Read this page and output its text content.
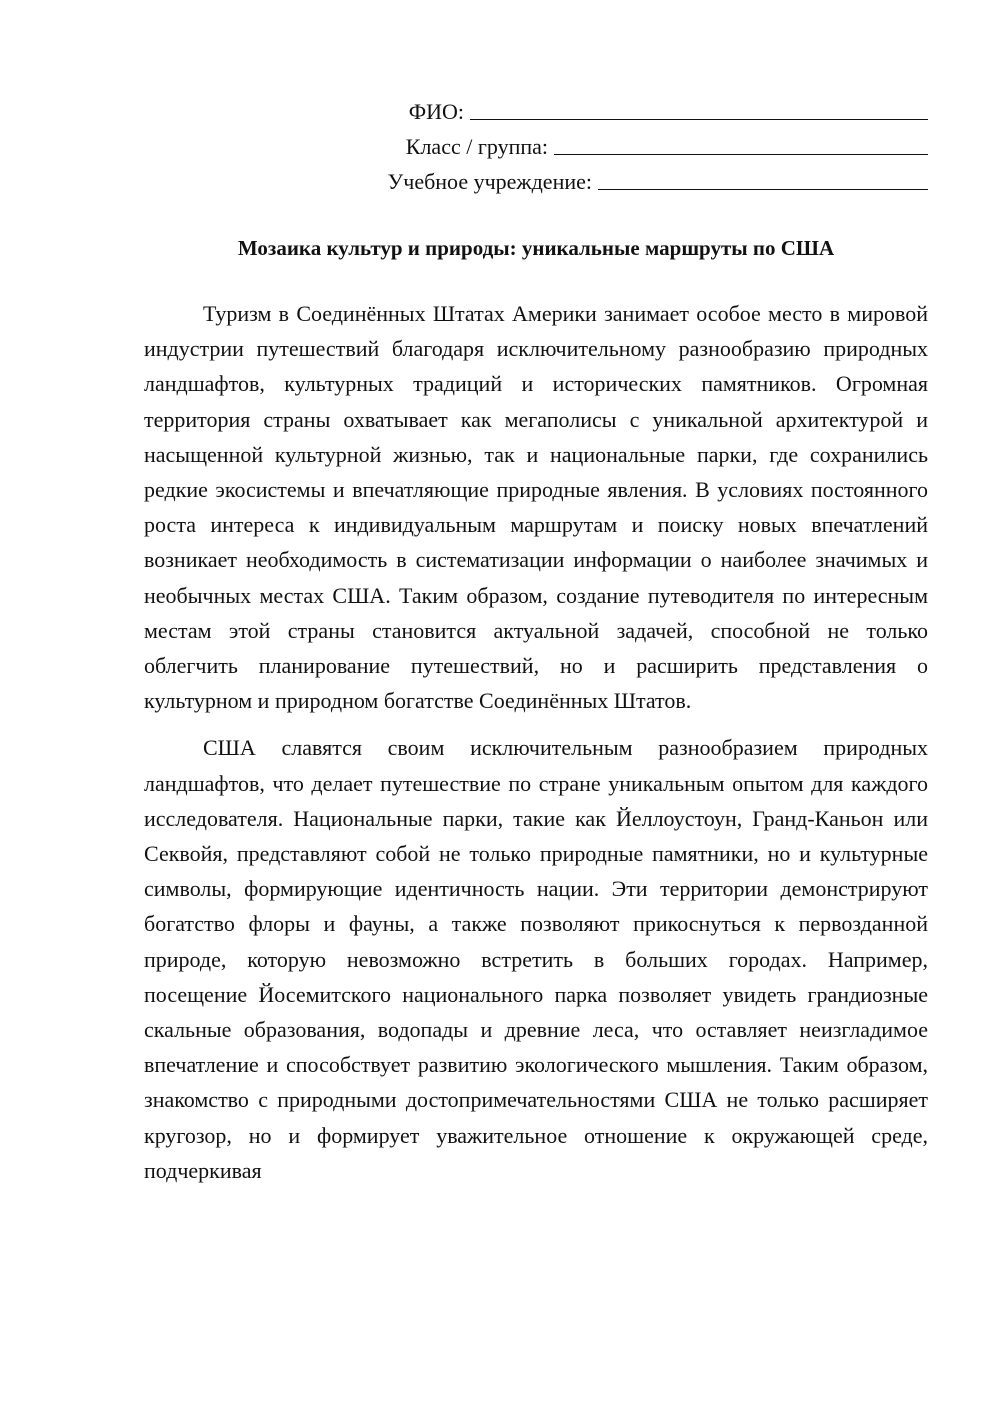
ФИО:
Класс / группа:
Учебное учреждение:
Мозаика культур и природы: уникальные маршруты по США

Туризм в Соединённых Штатах Америки занимает особое место в мировой индустрии путешествий благодаря исключительному разнообразию природных ландшафтов, культурных традиций и исторических памятников. Огромная территория страны охватывает как мегаполисы с уникальной архитектурой и насыщенной культурной жизнью, так и национальные парки, где сохранились редкие экосистемы и впечатляющие природные явления. В условиях постоянного роста интереса к индивидуальным маршрутам и поиску новых впечатлений возникает необходимость в систематизации информации о наиболее значимых и необычных местах США. Таким образом, создание путеводителя по интересным местам этой страны становится актуальной задачей, способной не только облегчить планирование путешествий, но и расширить представления о культурном и природном богатстве Соединённых Штатов.

США славятся своим исключительным разнообразием природных ландшафтов, что делает путешествие по стране уникальным опытом для каждого исследователя. Национальные парки, такие как Йеллоустоун, Гранд-Каньон или Секвойя, представляют собой не только природные памятники, но и культурные символы, формирующие идентичность нации. Эти территории демонстрируют богатство флоры и фауны, а также позволяют прикоснуться к первозданной природе, которую невозможно встретить в больших городах. Например, посещение Йосемитского национального парка позволяет увидеть грандиозные скальные образования, водопады и древние леса, что оставляет неизгладимое впечатление и способствует развитию экологического мышления. Таким образом, знакомство с природными достопримечательностями США не только расширяет кругозор, но и формирует уважительное отношение к окружающей среде, подчеркивая
